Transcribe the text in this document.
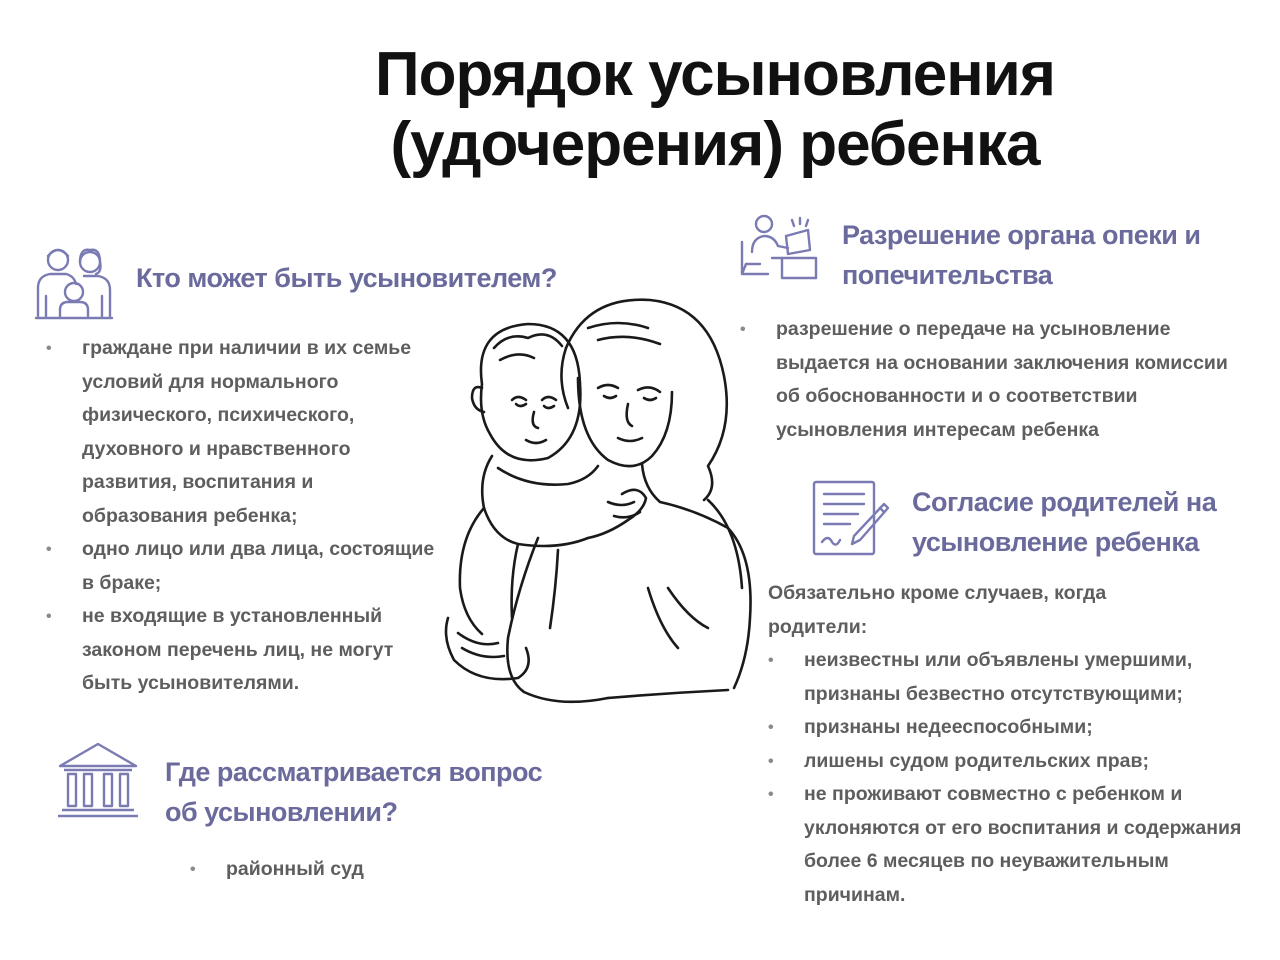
Порядок усыновления
(удочерения) ребенка
Кто может быть усыновителем?
• граждане при наличии в их семье условий для нормального физического, психического, духовного и нравственного развития, воспитания и образования ребенка;
• одно лицо или два лица, состоящие в браке;
• не входящие в установленный законом перечень лиц, не могут быть усыновителями.
Где рассматривается вопрос
об усыновлении?
• районный суд
Разрешение органа опеки и
попечительства
• разрешение о передаче на усыновление выдается на основании заключения комиссии об обоснованности и о соответствии усыновления интересам ребенка
Согласие родителей на
усыновление ребенка
Обязательно кроме случаев, когда родители:
• неизвестны или объявлены умершими, признаны безвестно отсутствующими;
• признаны недееспособными;
• лишены судом родительских прав;
• не проживают совместно с ребенком и уклоняются от его воспитания и содержания более 6 месяцев по неуважительным причинам.
